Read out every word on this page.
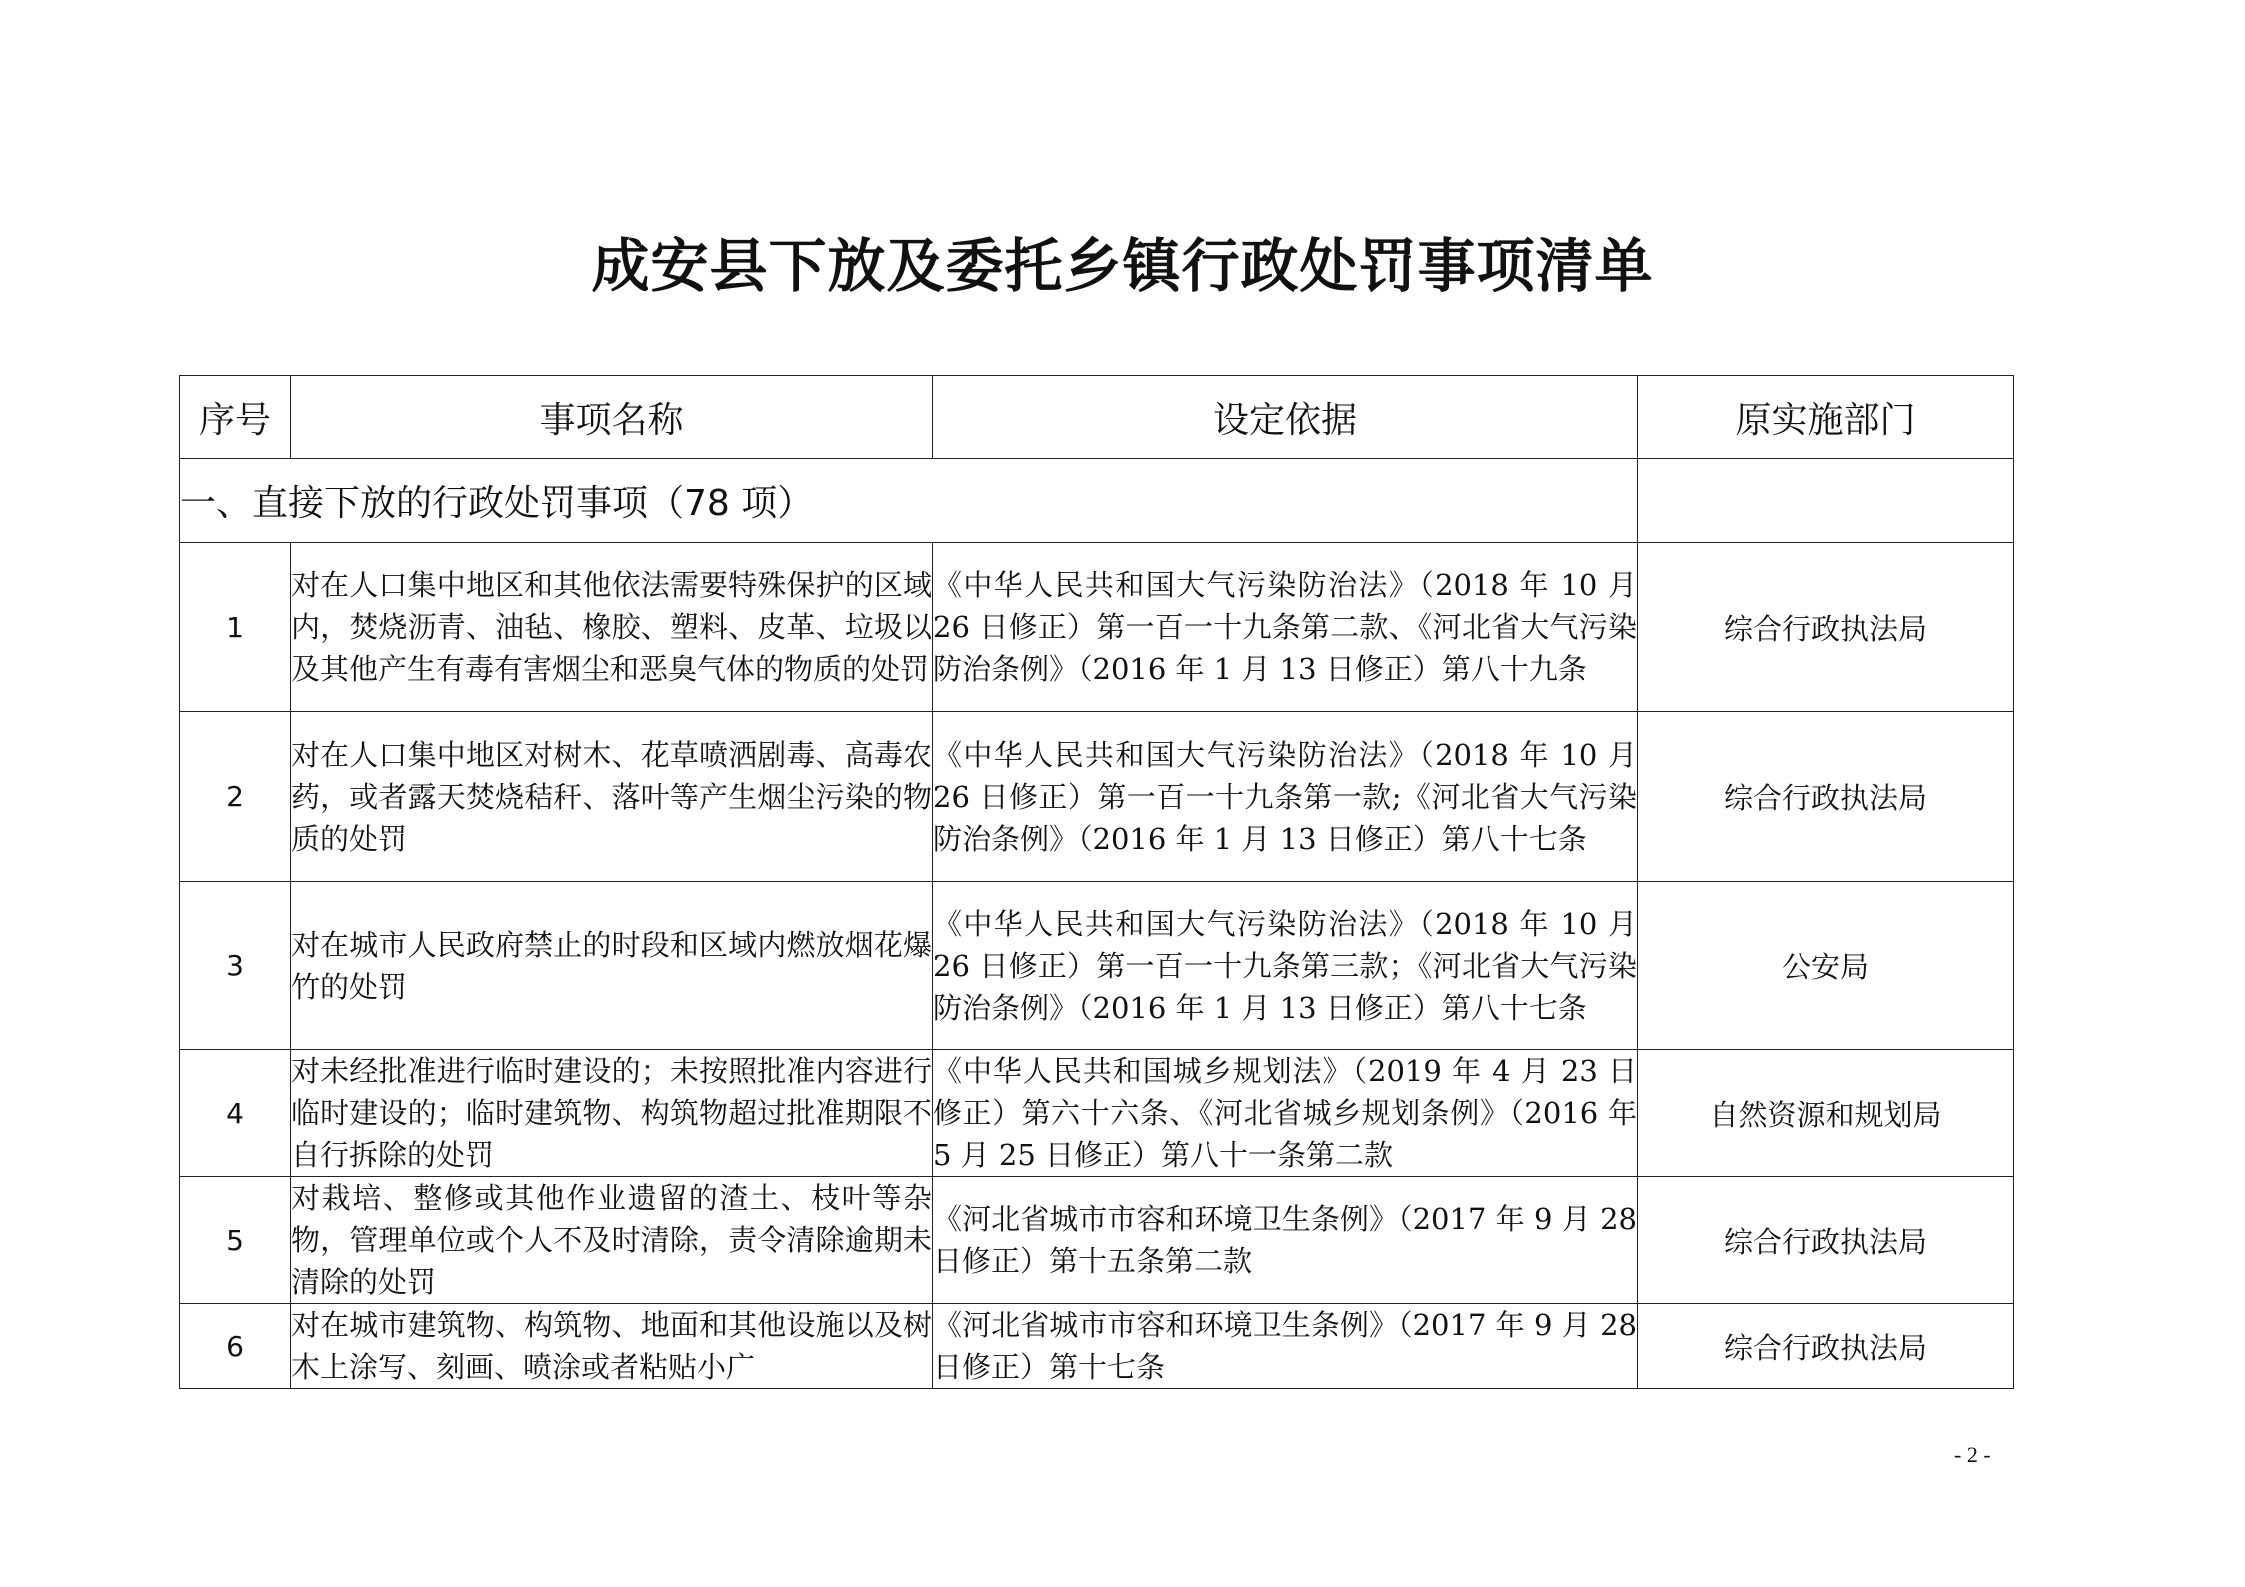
成安县下放及委托乡镇行政处罚事项清单
序号	事项名称	设定依据	原实施部门
一、直接下放的行政处罚事项（78 项）			
1	对在人口集中地区和其他依法需要特殊保护的区域内，焚烧沥青、油毡、橡胶、塑料、皮革、垃圾以及其他产生有毒有害烟尘和恶臭气体的物质的处罚	《中华人民共和国大气污染防治法》（2018 年 10 月 26 日修正）第一百一十九条第二款、《河北省大气污染防治条例》（2016 年 1 月 13 日修正）第八十九条	综合行政执法局
2	对在人口集中地区对树木、花草喷洒剧毒、高毒农药，或者露天焚烧秸秆、落叶等产生烟尘污染的物质的处罚	《中华人民共和国大气污染防治法》（2018 年 10 月 26 日修正）第一百一十九条第一款;《河北省大气污染防治条例》（2016 年 1 月 13 日修正）第八十七条	综合行政执法局
3	对在城市人民政府禁止的时段和区域内燃放烟花爆竹的处罚	《中华人民共和国大气污染防治法》（2018 年 10 月 26 日修正）第一百一十九条第三款；《河北省大气污染防治条例》（2016 年 1 月 13 日修正）第八十七条	公安局
4	对未经批准进行临时建设的；未按照批准内容进行临时建设的；临时建筑物、构筑物超过批准期限不自行拆除的处罚	《中华人民共和国城乡规划法》（2019 年 4 月 23 日修正）第六十六条、《河北省城乡规划条例》（2016 年 5 月 25 日修正）第八十一条第二款	自然资源和规划局
5	对栽培、整修或其他作业遗留的渣土、枝叶等杂物，管理单位或个人不及时清除，责令清除逾期未清除的处罚	《河北省城市市容和环境卫生条例》（2017 年 9 月 28 日修正）第十五条第二款	综合行政执法局
6	对在城市建筑物、构筑物、地面和其他设施以及树木上涂写、刻画、喷涂或者粘贴小广	《河北省城市市容和环境卫生条例》（2017 年 9 月 28 日修正）第十七条	综合行政执法局
- 2 -
